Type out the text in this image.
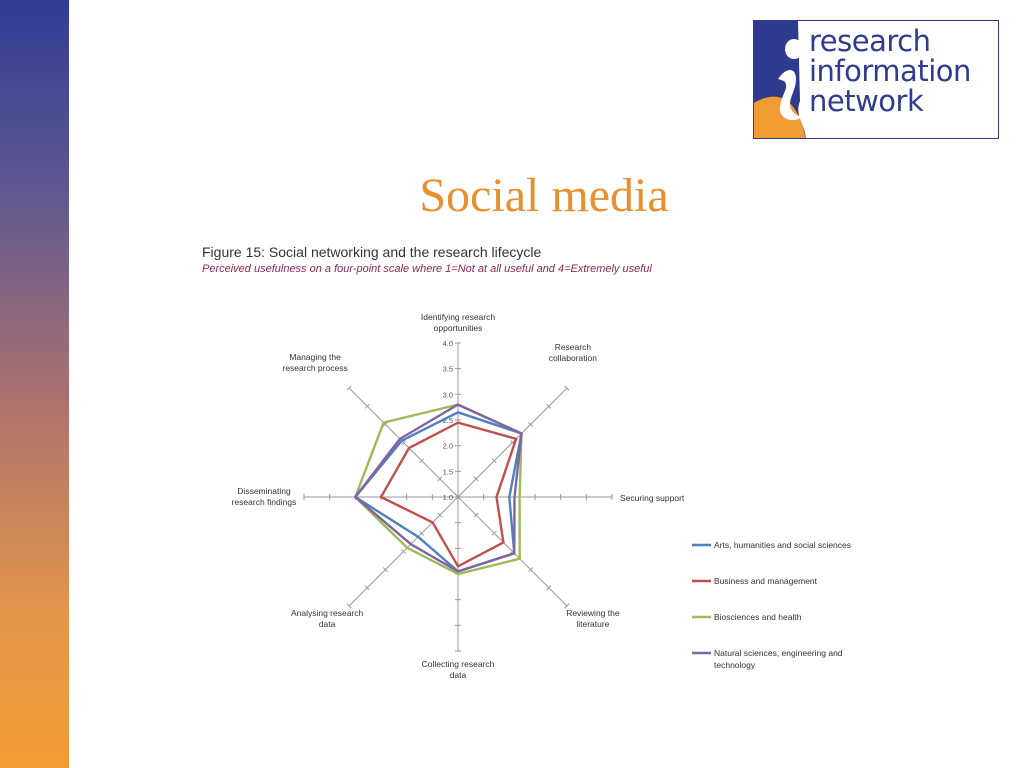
research
information
network
Social media
Figure 15: Social networking and the research lifecycle
Perceived usefulness on a four-point scale where 1=Not at all useful and 4=Extremely useful
1.0
1.5
2.0
2.5
3.0
3.5
4.0
Identifying research
opportunities
Research
collaboration
Securing support
Reviewing the
literature
Collecting research
data
Analysing research
data
Disseminating
research findings
Managing the
research process
Arts, humanities and social sciences
Business and management
Biosciences and health
Natural sciences, engineering and
technology
